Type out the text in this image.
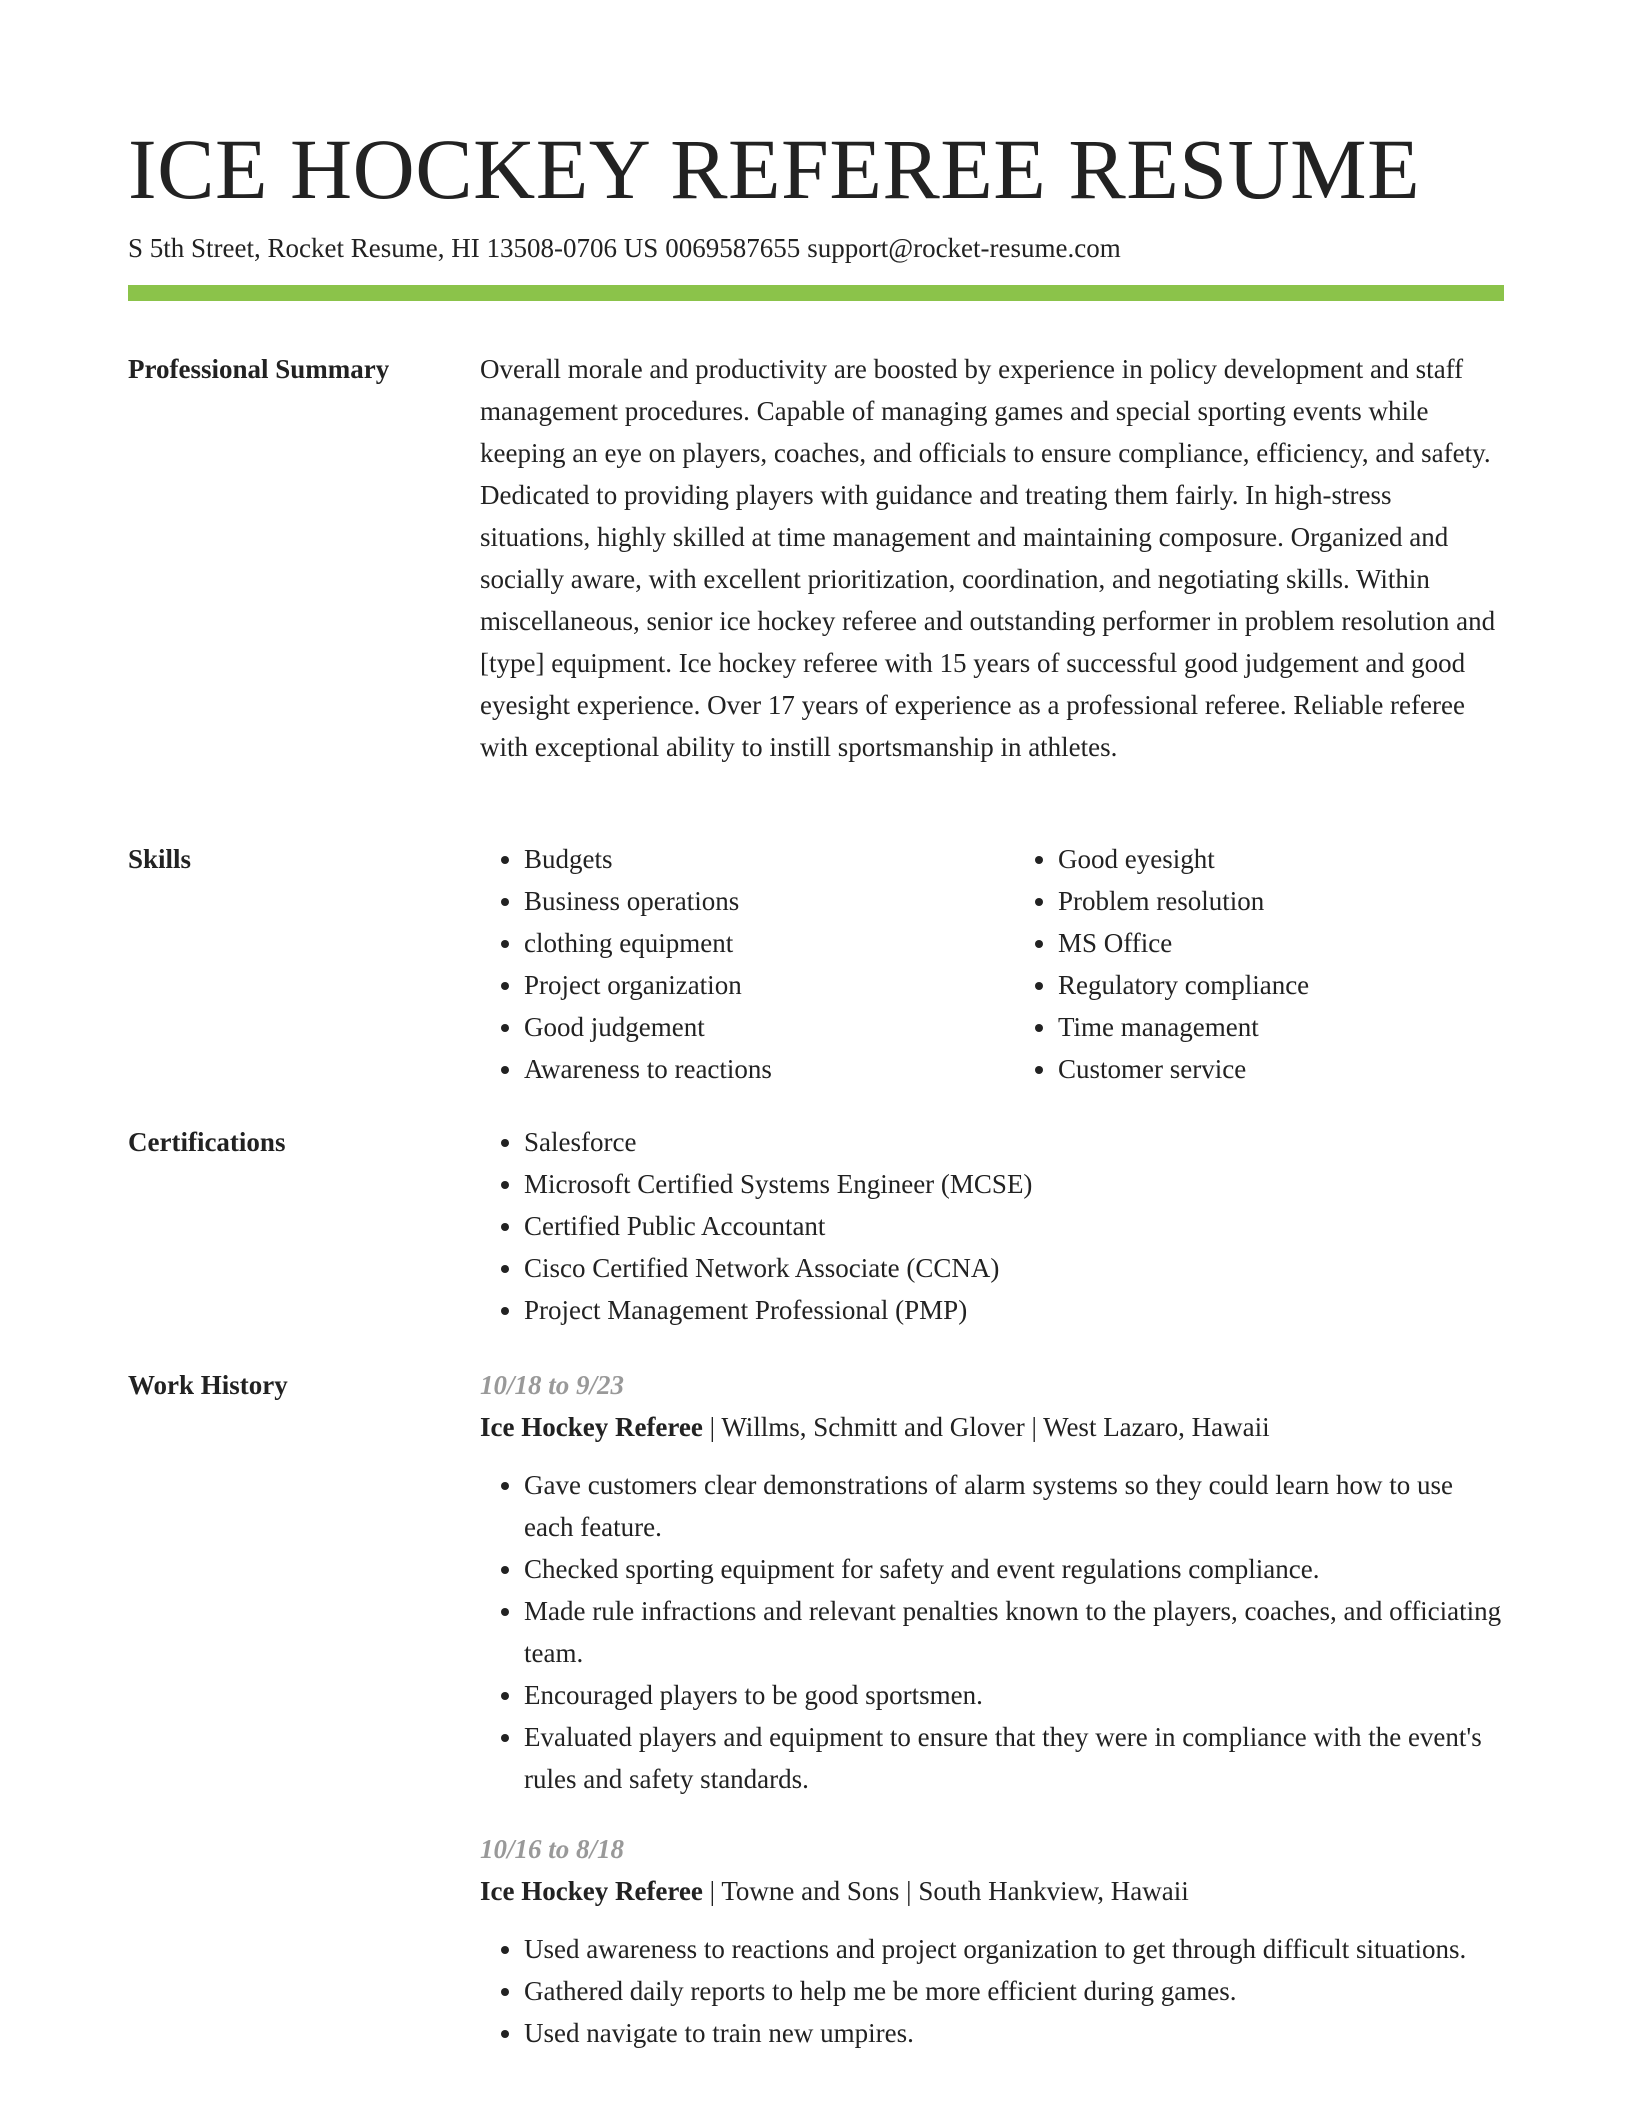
ICE HOCKEY REFEREE RESUME
S 5th Street, Rocket Resume, HI 13508-0706 US 0069587655 support@rocket-resume.com
Professional Summary	Overall morale and productivity are boosted by experience in policy development and staff management procedures. Capable of managing games and special sporting events while keeping an eye on players, coaches, and officials to ensure compliance, efficiency, and safety. Dedicated to providing players with guidance and treating them fairly. In high-stress situations, highly skilled at time management and maintaining composure. Organized and socially aware, with excellent prioritization, coordination, and negotiating skills. Within miscellaneous, senior ice hockey referee and outstanding performer in problem resolution and [type] equipment. Ice hockey referee with 15 years of successful good judgement and good eyesight experience. Over 17 years of experience as a professional referee. Reliable referee with exceptional ability to instill sportsmanship in athletes.

Skills	• Budgets
• Business operations
• clothing equipment
• Project organization
• Good judgement
• Awareness to reactions
• Good eyesight
• Problem resolution
• MS Office
• Regulatory compliance
• Time management
• Customer service
Certifications	• Salesforce
• Microsoft Certified Systems Engineer (MCSE)
• Certified Public Accountant
• Cisco Certified Network Associate (CCNA)
• Project Management Professional (PMP)
Work History	10/18 to 9/23
Ice Hockey Referee | Willms, Schmitt and Glover | West Lazaro, Hawaii
• Gave customers clear demonstrations of alarm systems so they could learn how to use each feature.
• Checked sporting equipment for safety and event regulations compliance.
• Made rule infractions and relevant penalties known to the players, coaches, and officiating team.
• Encouraged players to be good sportsmen.
• Evaluated players and equipment to ensure that they were in compliance with the event's rules and safety standards.
10/16 to 8/18
Ice Hockey Referee | Towne and Sons | South Hankview, Hawaii
• Used awareness to reactions and project organization to get through difficult situations.
• Gathered daily reports to help me be more efficient during games.
• Used navigate to train new umpires.
